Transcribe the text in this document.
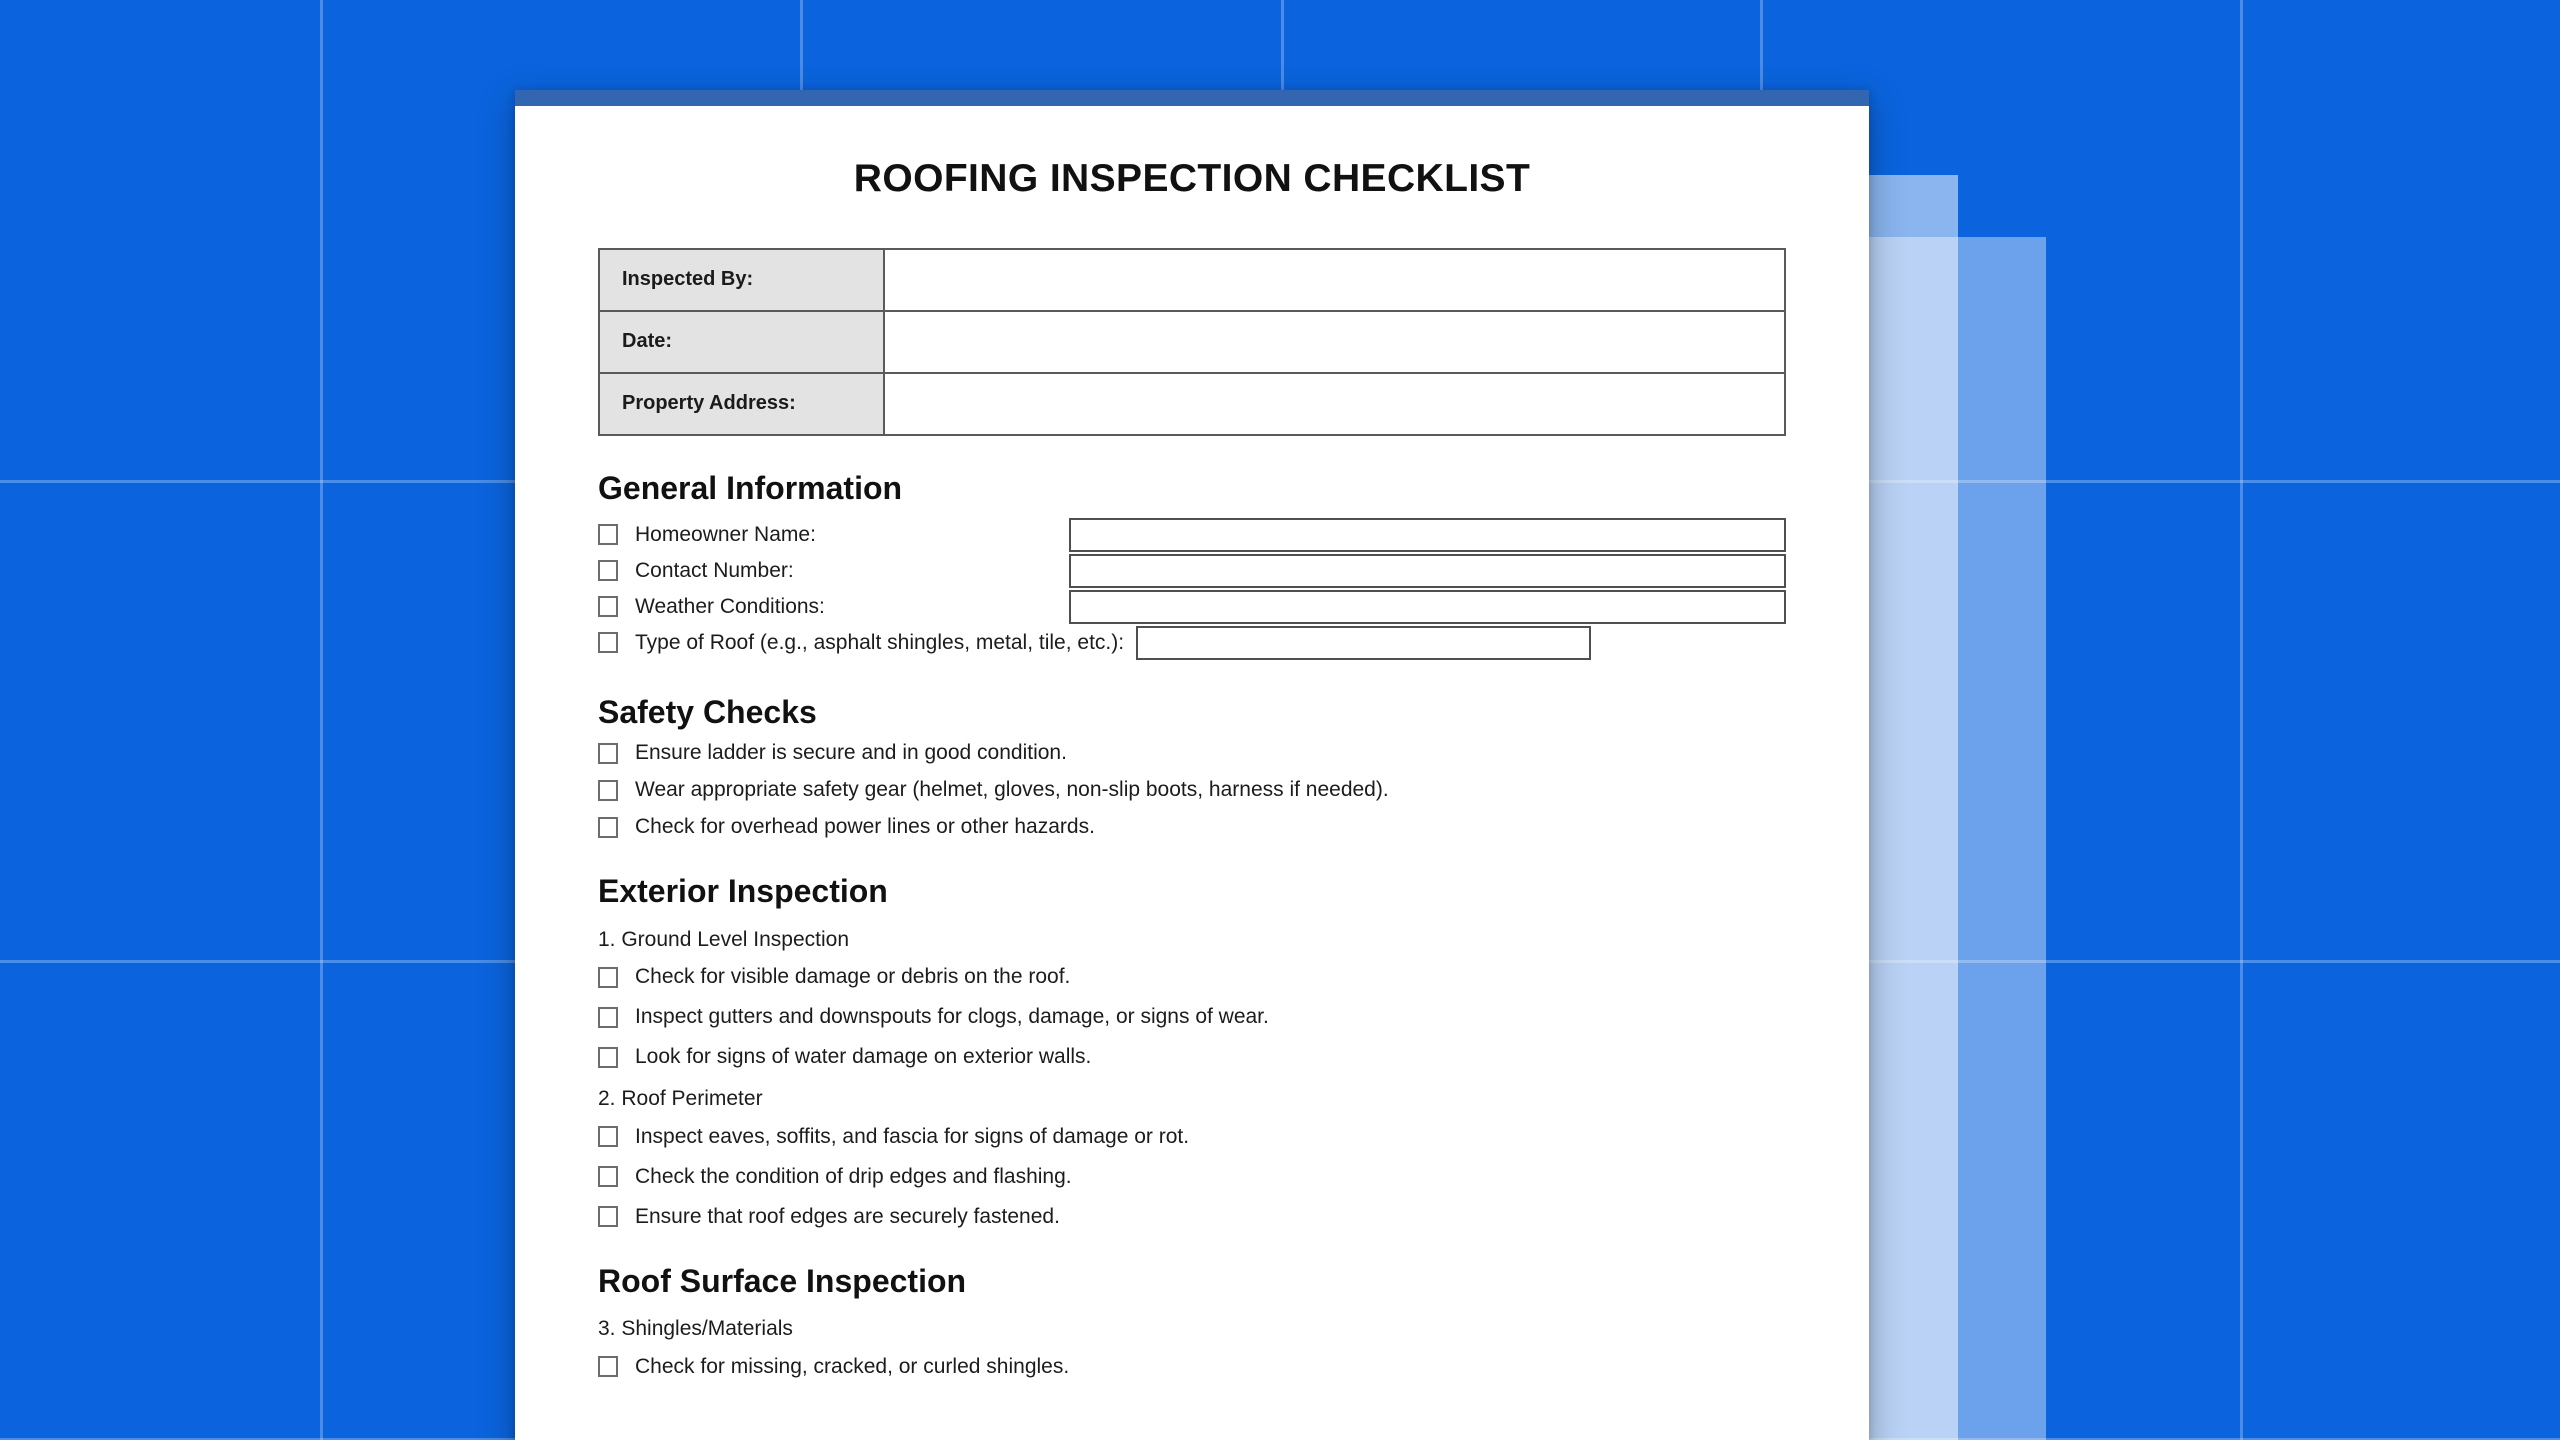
ROOFING INSPECTION CHECKLIST
Inspected By:	
Date:	
Property Address:	
General Information
Homeowner Name:
Contact Number:
Weather Conditions:
Type of Roof (e.g., asphalt shingles, metal, tile, etc.):
Safety Checks
Ensure ladder is secure and in good condition.
Wear appropriate safety gear (helmet, gloves, non-slip boots, harness if needed).
Check for overhead power lines or other hazards.
Exterior Inspection
1. Ground Level Inspection
Check for visible damage or debris on the roof.
Inspect gutters and downspouts for clogs, damage, or signs of wear.
Look for signs of water damage on exterior walls.
2. Roof Perimeter
Inspect eaves, soffits, and fascia for signs of damage or rot.
Check the condition of drip edges and flashing.
Ensure that roof edges are securely fastened.
Roof Surface Inspection
3. Shingles/Materials
Check for missing, cracked, or curled shingles.
